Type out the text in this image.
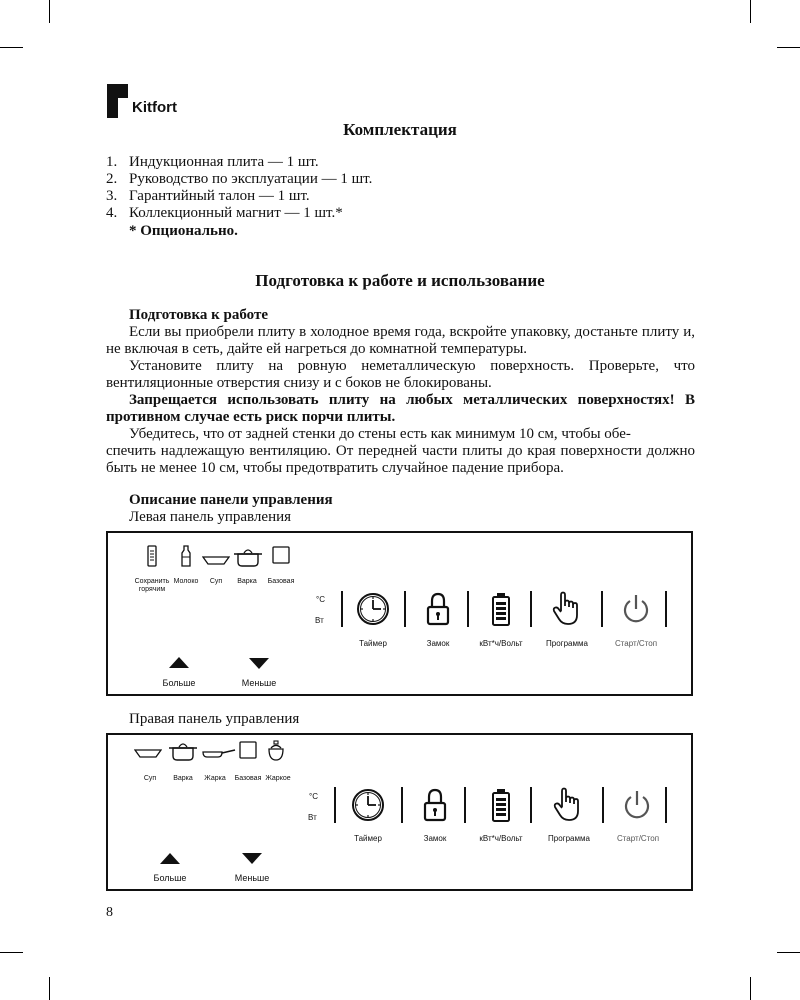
Kitfort
Комплектация
1. Индукционная плита — 1 шт.
2. Руководство по эксплуатации — 1 шт.
3. Гарантийный талон — 1 шт.
4. Коллекционный магнит — 1 шт.*
* Опционально.
Подготовка к работе и использование
Подготовка к работе
Если вы приобрели плиту в холодное время года, вскройте упаковку, достаньте плиту и, не включая в сеть, дайте ей нагреться до комнатной температуры.
Установите плиту на ровную неметаллическую поверхность. Проверьте, что вентиляционные отверстия снизу и с боков не блокированы.
Запрещается использовать плиту на любых металлических поверхностях! В противном случае есть риск порчи плиты.
Убедитесь, что от задней стенки до стены есть как минимум 10 см, чтобы обе-
спечить надлежащую вентиляцию. От передней части плиты до края поверхности должно быть не менее 10 см, чтобы предотвратить случайное падение прибора.
Описание панели управления
Левая панель управления
Сохранить горячим
Молоко	Суп	Варка	Базовая
°C
Вт
Таймер	Замок	кВт*ч/Вольт	Программа	Старт/Стоп
Больше	Меньше
Правая панель управления
Суп	Варка	Жарка	Базовая Жаркое
°C
Вт
Таймер	Замок	кВт*ч/Вольт	Программа	Старт/Стоп
Больше	Меньше
8
